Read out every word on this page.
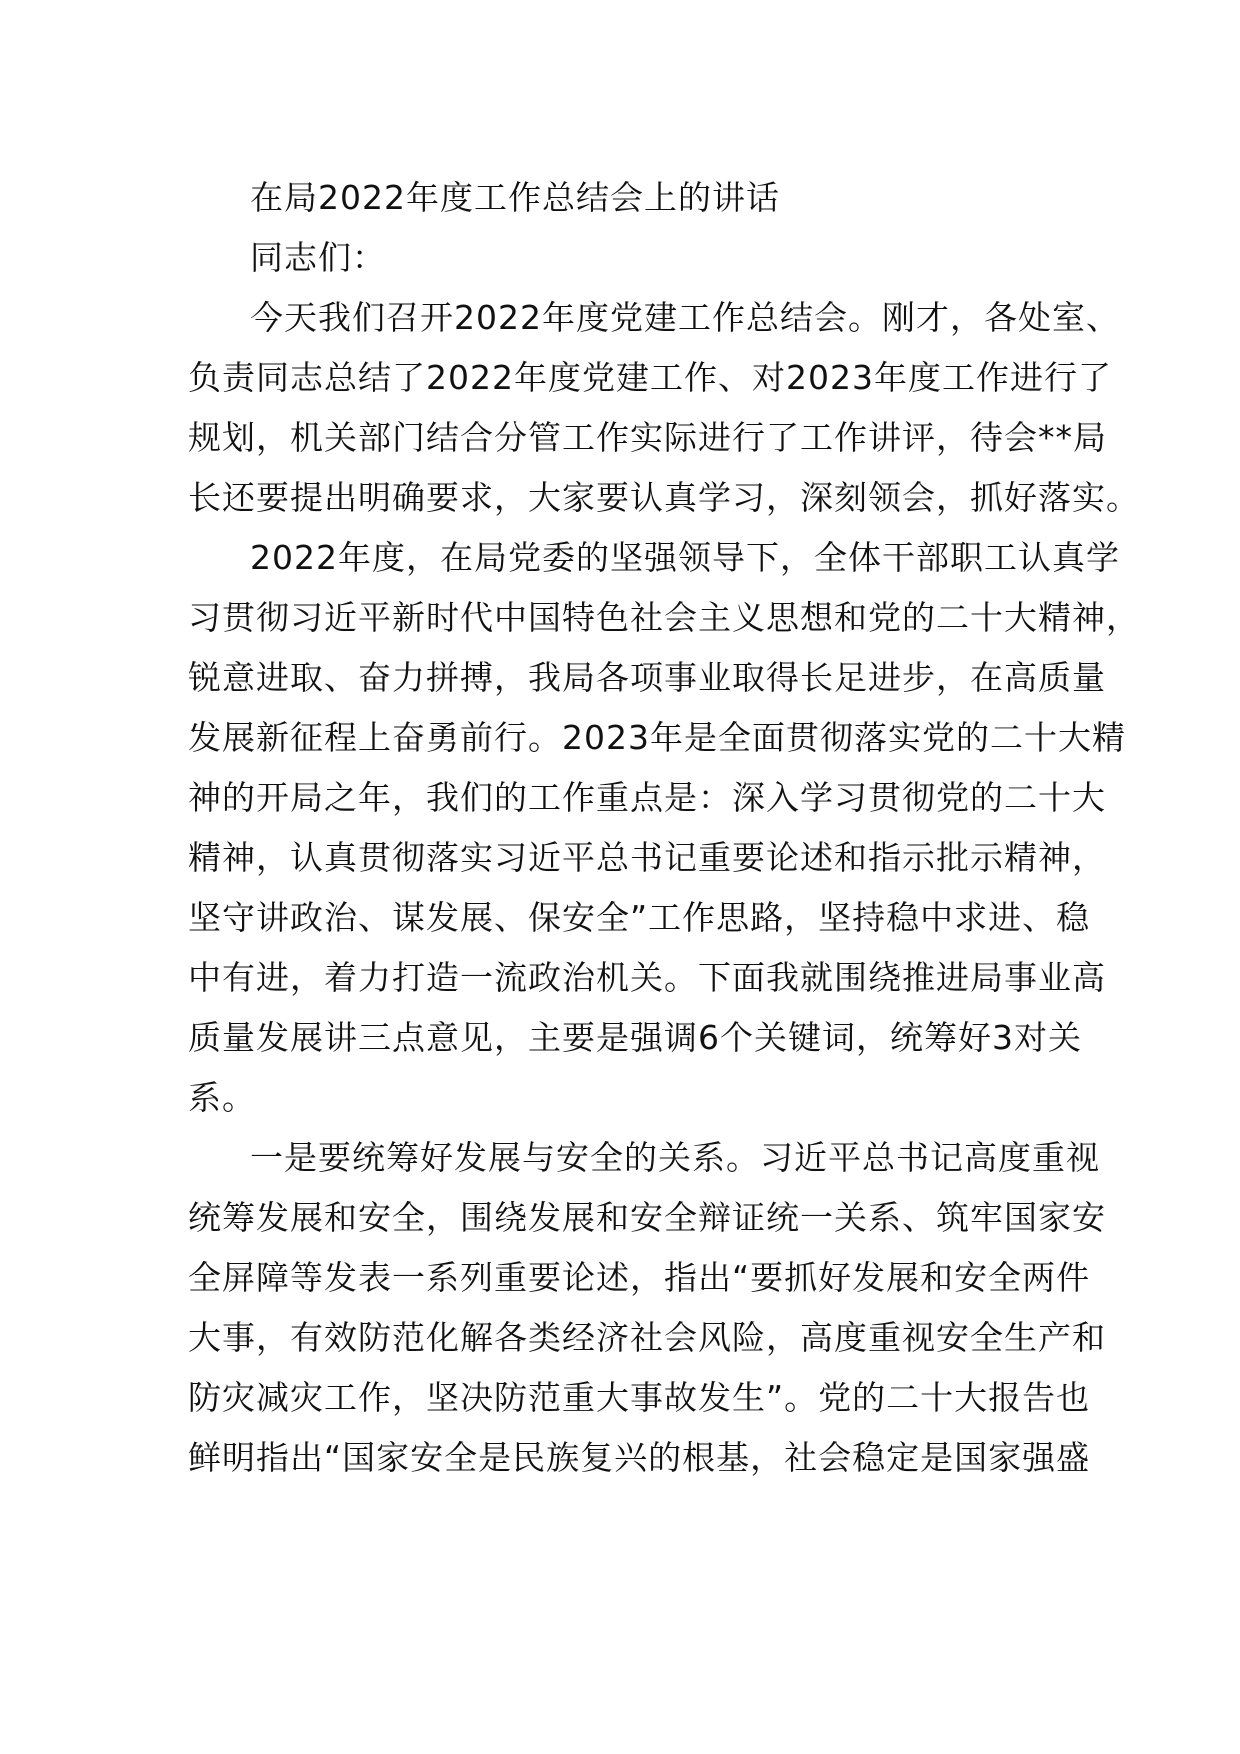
在局2022年度工作总结会上的讲话
同志们：
今天我们召开2022年度党建工作总结会。刚才，各处室、
负责同志总结了2022年度党建工作、对2023年度工作进行了
规划，机关部门结合分管工作实际进行了工作讲评，待会**局
长还要提出明确要求，大家要认真学习，深刻领会，抓好落实。
2022年度，在局党委的坚强领导下，全体干部职工认真学
习贯彻习近平新时代中国特色社会主义思想和党的二十大精神，
锐意进取、奋力拼搏，我局各项事业取得长足进步，在高质量
发展新征程上奋勇前行。2023年是全面贯彻落实党的二十大精
神的开局之年，我们的工作重点是：深入学习贯彻党的二十大
精神，认真贯彻落实习近平总书记重要论述和指示批示精神，
坚守讲政治、谋发展、保安全”工作思路，坚持稳中求进、稳
中有进，着力打造一流政治机关。下面我就围绕推进局事业高
质量发展讲三点意见，主要是强调6个关键词，统筹好3对关
系。
一是要统筹好发展与安全的关系。习近平总书记高度重视
统筹发展和安全，围绕发展和安全辩证统一关系、筑牢国家安
全屏障等发表一系列重要论述，指出“要抓好发展和安全两件
大事，有效防范化解各类经济社会风险，高度重视安全生产和
防灾减灾工作，坚决防范重大事故发生”。党的二十大报告也
鲜明指出“国家安全是民族复兴的根基，社会稳定是国家强盛
